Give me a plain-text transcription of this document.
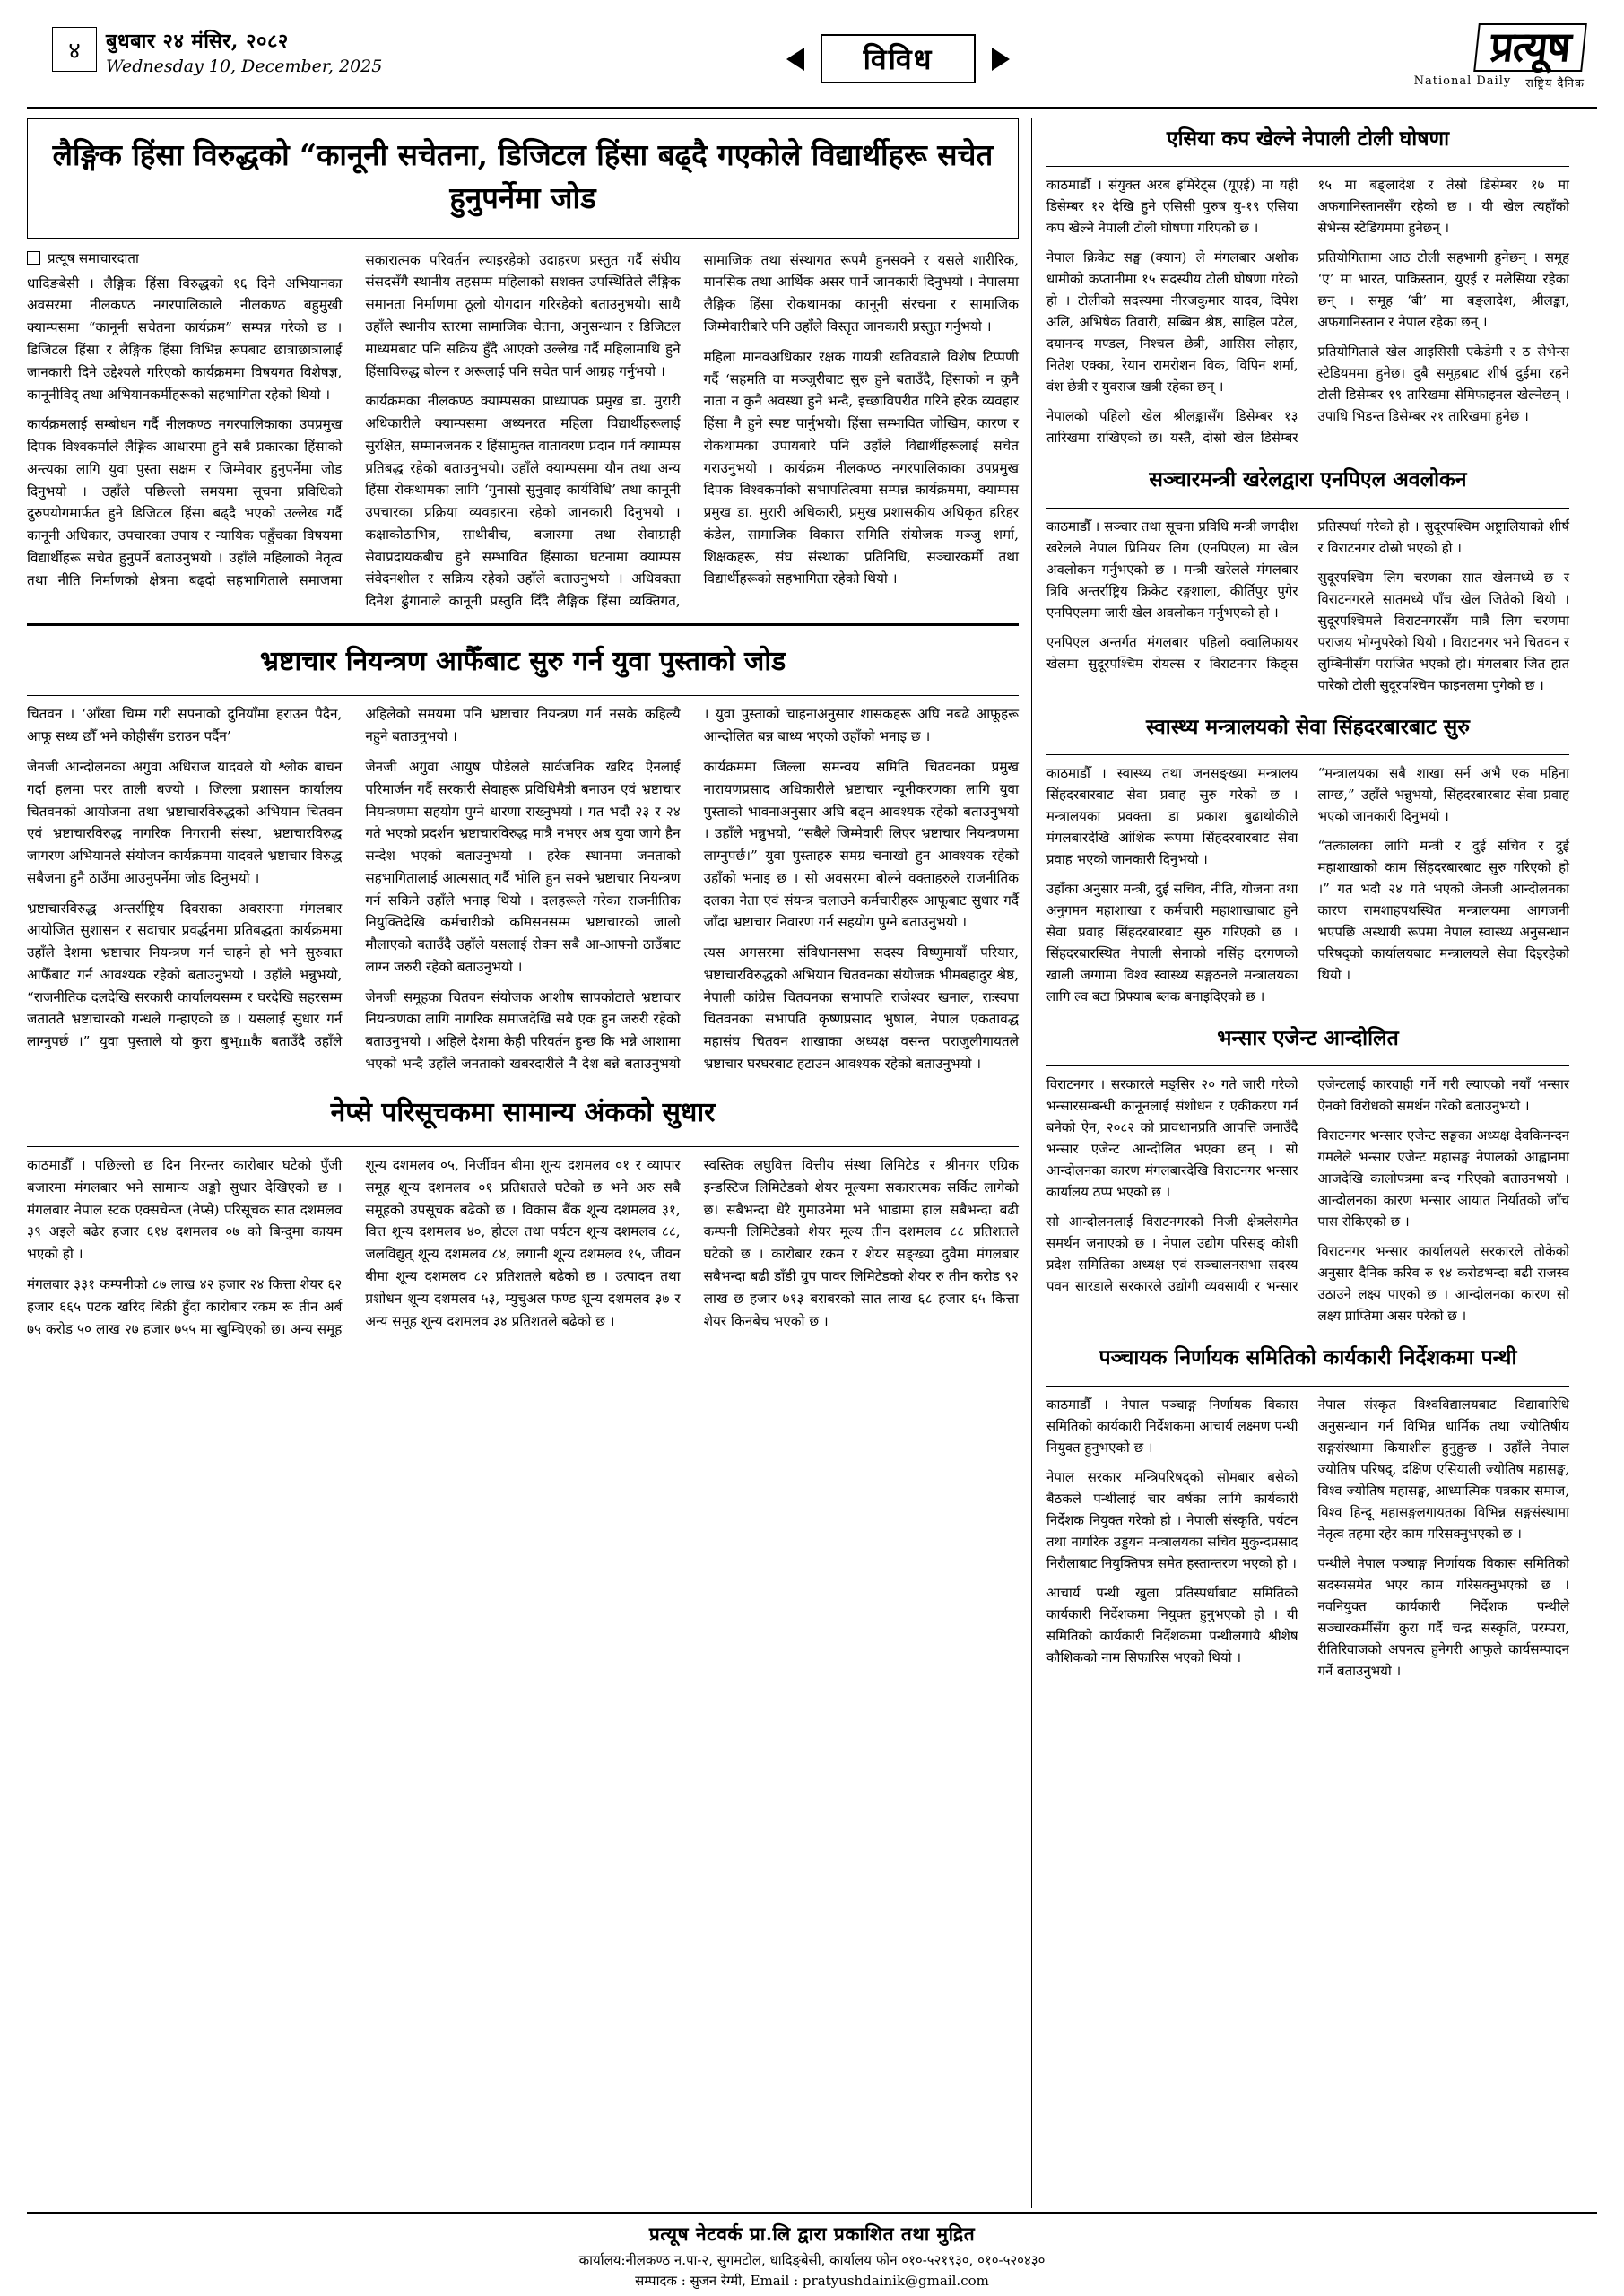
४	बुधबार २४ मंसिर, २०८२
Wednesday 10, December, 2025	विविध	प्रत्यूष
National Daily राष्ट्रिय दैनिक
लैङ्गिक हिंसा विरुद्धको “कानूनी सचेतना, डिजिटल हिंसा बढ्दै गएकोले विद्यार्थीहरू सचेत हुनुपर्नेमा जोड
प्रत्यूष समाचारदाता

धादिङबेसी । लैङ्गिक हिंसा विरुद्धको १६ दिने अभियानका अवसरमा नीलकण्ठ नगरपालिकाले नीलकण्ठ बहुमुखी क्याम्पसमा “कानूनी सचेतना कार्यक्रम” सम्पन्न गरेको छ । डिजिटल हिंसा र लैङ्गिक हिंसा विभिन्न रूपबाट छात्राछात्रालाई जानकारी दिने उद्देश्यले गरिएको कार्यक्रममा विषयगत विशेषज्ञ, कानूनीविद् तथा अभियानकर्मीहरूको सहभागिता रहेको थियो ।

कार्यक्रमलाई सम्बोधन गर्दै नीलकण्ठ नगरपालिकाका उपप्रमुख दिपक विश्वकर्माले लैङ्गिक आधारमा हुने सबै प्रकारका हिंसाको अन्त्यका लागि युवा पुस्ता सक्षम र जिम्मेवार हुनुपर्नेमा जोड दिनुभयो । उहाँले पछिल्लो समयमा सूचना प्रविधिको दुरुपयोगमार्फत हुने डिजिटल हिंसा बढ्दै भएको उल्लेख गर्दै कानूनी अधिकार, उपचारका उपाय र न्यायिक पहुँचका विषयमा विद्यार्थीहरू सचेत हुनुपर्ने बताउनुभयो । उहाँले महिलाको नेतृत्व तथा नीति निर्माणको क्षेत्रमा बढ्दो सहभागिताले समाजमा सकारात्मक परिवर्तन ल्याइरहेको उदाहरण प्रस्तुत गर्दै संघीय संसदसँगै स्थानीय तहसम्म महिलाको सशक्त उपस्थितिले लैङ्गिक समानता निर्माणमा ठूलो योगदान गरिरहेको बताउनुभयो। साथै उहाँले स्थानीय स्तरमा सामाजिक चेतना, अनुसन्धान र डिजिटल माध्यमबाट पनि सक्रिय हुँदै आएको उल्लेख गर्दै महिलामाथि हुने हिंसाविरुद्ध बोल्न र अरूलाई पनि सचेत पार्न आग्रह गर्नुभयो ।

कार्यक्रमका नीलकण्ठ क्याम्पसका प्राध्यापक प्रमुख डा. मुरारी अधिकारीले क्याम्पसमा अध्यनरत महिला विद्यार्थीहरूलाई सुरक्षित, सम्मानजनक र हिंसामुक्त वातावरण प्रदान गर्न क्याम्पस प्रतिबद्ध रहेको बताउनुभयो। उहाँले क्याम्पसमा यौन तथा अन्य हिंसा रोकथामका लागि ‘गुनासो सुनुवाइ कार्यविधि’ तथा कानूनी उपचारका प्रक्रिया व्यवहारमा रहेको जानकारी दिनुभयो । कक्षाकोठाभित्र, साथीबीच, बजारमा तथा सेवाग्राही सेवाप्रदायकबीच हुने सम्भावित हिंसाका घटनामा क्याम्पस संवेदनशील र सक्रिय रहेको उहाँले बताउनुभयो । अधिवक्ता दिनेश ढुंगानाले कानूनी प्रस्तुति दिँदै लैङ्गिक हिंसा व्यक्तिगत, सामाजिक तथा संस्थागत रूपमै हुनसक्ने र यसले शारीरिक, मानसिक तथा आर्थिक असर पार्ने जानकारी दिनुभयो । नेपालमा लैङ्गिक हिंसा रोकथामका कानूनी संरचना र सामाजिक जिम्मेवारीबारे पनि उहाँले विस्तृत जानकारी प्रस्तुत गर्नुभयो ।

महिला मानवअधिकार रक्षक गायत्री खतिवडाले विशेष टिप्पणी गर्दै ‘सहमति वा मञ्जुरीबाट सुरु हुने बताउँदै, हिंसाको न कुनै नाता न कुनै अवस्था हुने भन्दै, इच्छाविपरीत गरिने हरेक व्यवहार हिंसा नै हुने स्पष्ट पार्नुभयो। हिंसा सम्भावित जोखिम, कारण र रोकथामका उपायबारे पनि उहाँले विद्यार्थीहरूलाई सचेत गराउनुभयो । कार्यक्रम नीलकण्ठ नगरपालिकाका उपप्रमुख दिपक विश्वकर्माको सभापतित्वमा सम्पन्न कार्यक्रममा, क्याम्पस प्रमुख डा. मुरारी अधिकारी, प्रमुख प्रशासकीय अधिकृत हरिहर कंडेल, सामाजिक विकास समिति संयोजक मञ्जु शर्मा, शिक्षकहरू, संघ संस्थाका प्रतिनिधि, सञ्चारकर्मी तथा विद्यार्थीहरूको सहभागिता रहेको थियो ।

भ्रष्टाचार नियन्त्रण आफैँबाट सुरु गर्न युवा पुस्ताको जोड

चितवन । ‘आँखा चिम्म गरी सपनाको दुनियाँमा हराउन पैदैन, आफू सध्य छौँ भने कोहीसँग डराउन पर्दैन’

जेनजी आन्दोलनका अगुवा अधिराज यादवले यो श्लोक बाचन गर्दा हलमा परर ताली बज्यो । जिल्ला प्रशासन कार्यालय चितवनको आयोजना तथा भ्रष्टाचारविरुद्धको अभियान चितवन एवं भ्रष्टाचारविरुद्ध नागरिक निगरानी संस्था, भ्रष्टाचारविरुद्ध जागरण अभियानले संयोजन कार्यक्रममा यादवले भ्रष्टाचार विरुद्ध सबैजना हुनै ठाउँमा आउनुपर्नेमा जोड दिनुभयो ।

भ्रष्टाचारविरुद्ध अन्तर्राष्ट्रिय दिवसका अवसरमा मंगलबार आयोजित सुशासन र सदाचार प्रवर्द्धनमा प्रतिबद्धता कार्यक्रममा उहाँले देशमा भ्रष्टाचार नियन्त्रण गर्न चाहने हो भने सुरुवात आफैँबाट गर्न आवश्यक रहेको बताउनुभयो । उहाँले भन्नुभयो, “राजनीतिक दलदेखि सरकारी कार्यालयसम्म र घरदेखि सहरसम्म जताततै भ्रष्टाचारको गन्धले गन्हाएको छ । यसलाई सुधार गर्न लाग्नुपर्छ ।” युवा पुस्ताले यो कुरा बुभ्mकै बताउँदै उहाँले अहिलेको समयमा पनि भ्रष्टाचार नियन्त्रण गर्न नसके कहिल्यै नहुने बताउनुभयो ।

जेनजी अगुवा आयुष पौडेलले सार्वजनिक खरिद ऐनलाई परिमार्जन गर्दै सरकारी सेवाहरू प्रविधिमैत्री बनाउन एवं भ्रष्टाचार नियन्त्रणमा सहयोग पुग्ने धारणा राख्नुभयो । गत भदौ २३ र २४ गते भएको प्रदर्शन भ्रष्टाचारविरुद्ध मात्रै नभएर अब युवा जागे हैन सन्देश भएको बताउनुभयो । हरेक स्थानमा जनताको सहभागितालाई आत्मसात् गर्दै भोलि हुन सक्ने भ्रष्टाचार नियन्त्रण गर्न सकिने उहाँले भनाइ थियो । दलहरूले गरेका राजनीतिक नियुक्तिदेखि कर्मचारीको कमिसनसम्म भ्रष्टाचारको जालो मौलाएको बताउँदै उहाँले यसलाई रोक्न सबै आ-आफ्नो ठाउँबाट लाग्न जरुरी रहेको बताउनुभयो ।

जेनजी समूहका चितवन संयोजक आशीष सापकोटाले भ्रष्टाचार नियन्त्रणका लागि नागरिक समाजदेखि सबै एक हुन जरुरी रहेको बताउनुभयो । अहिले देशमा केही परिवर्तन हुन्छ कि भन्ने आशामा भएको भन्दै उहाँले जनताको खबरदारीले नै देश बन्ने बताउनुभयो । युवा पुस्ताको चाहनाअनुसार शासकहरू अघि नबढे आफूहरू आन्दोलित बन्न बाध्य भएको उहाँको भनाइ छ ।

कार्यक्रममा जिल्ला समन्वय समिति चितवनका प्रमुख नारायणप्रसाद अधिकारीले भ्रष्टाचार न्यूनीकरणका लागि युवा पुस्ताको भावनाअनुसार अघि बढ्न आवश्यक रहेको बताउनुभयो । उहाँले भन्नुभयो, “सबैले जिम्मेवारी लिएर भ्रष्टाचार नियन्त्रणमा लाग्नुपर्छ।” युवा पुस्ताहरु समग्र चनाखो हुन आवश्यक रहेको उहाँको भनाइ छ । सो अवसरमा बोल्ने वक्ताहरुले राजनीतिक दलका नेता एवं संयन्त्र चलाउने कर्मचारीहरू आफूबाट सुधार गर्दै जाँदा भ्रष्टाचार निवारण गर्न सहयोग पुग्ने बताउनुभयो ।

त्यस अगसरमा संविधानसभा सदस्य विष्णुमायाँ परियार, भ्रष्टाचारविरुद्धको अभियान चितवनका संयोजक भीमबहादुर श्रेष्ठ, नेपाली कांग्रेस चितवनका सभापति राजेश्वर खनाल, राःस्वपा चितवनका सभापति कृष्णप्रसाद भुषाल, नेपाल एकतावद्ध महासंघ चितवन शाखाका अध्यक्ष वसन्त पराजुलीगायतले भ्रष्टाचार घरघरबाट हटाउन आवश्यक रहेको बताउनुभयो ।

नेप्से परिसूचकमा सामान्य अंकको सुधार

काठमाडौँ । पछिल्लो छ दिन निरन्तर कारोबार घटेको पुँजी बजारमा मंगलबार भने सामान्य अङ्को सुधार देखिएको छ । मंगलबार नेपाल स्टक एक्सचेन्ज (नेप्से) परिसूचक सात दशमलव ३९ अइले बढेर हजार ६१४ दशमलव ०७ को बिन्दुमा कायम भएको हो ।

मंगलबार ३३१ कम्पनीको ८७ लाख ४२ हजार २४ कित्ता शेयर ६२ हजार ६६५ पटक खरिद बिक्री हुँदा कारोबार रकम रू तीन अर्ब ७५ करोड ५० लाख २७ हजार ७५५ मा खुम्चिएको छ। अन्य समूह शून्य दशमलव ०५, निर्जीवन बीमा शून्य दशमलव ०१ र व्यापार समूह शून्य दशमलव ०१ प्रतिशतले घटेको छ भने अरु सबै समूहको उपसूचक बढेको छ । विकास बैंक शून्य दशमलव ३१, वित्त शून्य दशमलव ४०, होटल तथा पर्यटन शून्य दशमलव ८८, जलविद्युत् शून्य दशमलव ८४, लगानी शून्य दशमलव १५, जीवन बीमा शून्य दशमलव ८२ प्रतिशतले बढेको छ । उत्पादन तथा प्रशोधन शून्य दशमलव ५३, म्युचुअल फण्ड शून्य दशमलव ३७ र अन्य समूह शून्य दशमलव ३४ प्रतिशतले बढेको छ ।

स्वस्तिक लघुवित्त वित्तीय संस्था लिमिटेड र श्रीनगर एग्रिक इन्डस्टिज लिमिटेडको शेयर मूल्यमा सकारात्मक सर्किट लागेको छ। सबैभन्दा धेरै गुमाउनेमा भने भाडामा हाल सबैभन्दा बढी कम्पनी लिमिटेडको शेयर मूल्य तीन दशमलव ८८ प्रतिशतले घटेको छ । कारोबार रकम र शेयर सङ्ख्या दुवैमा मंगलबार सबैभन्दा बढी डाँडी ग्रुप पावर लिमिटेडको शेयर रु तीन करोड ९२ लाख छ हजार ७१३ बराबरको सात लाख ६८ हजार ६५ कित्ता शेयर किनबेच भएको छ ।

एसिया कप खेल्ने नेपाली टोली घोषणा

काठमाडौँ । संयुक्त अरब इमिरेट्स (यूएई) मा यही डिसेम्बर १२ देखि हुने एसिसी पुरुष यु-१९ एसिया कप खेल्ने नेपाली टोली घोषणा गरिएको छ ।

नेपाल क्रिकेट सङ्घ (क्यान) ले मंगलबार अशोक धामीको कप्तानीमा १५ सदस्यीय टोली घोषणा गरेको हो । टोलीको सदस्यमा नीरजकुमार यादव, दिपेश अलि, अभिषेक तिवारी, सब्बिन श्रेष्ठ, साहिल पटेल, दयानन्द मण्डल, निश्चल छेत्री, आसिस लोहार, नितेश एक्का, रेयान रामरोशन विक, विपिन शर्मा, वंश छेत्री र युवराज खत्री रहेका छन् ।

नेपालको पहिलो खेल श्रीलङ्कासँग डिसेम्बर १३ तारिखमा राखिएको छ। यस्तै, दोस्रो खेल डिसेम्बर १५ मा बङ्लादेश र तेस्रो डिसेम्बर १७ मा अफगानिस्तानसँग रहेको छ । यी खेल त्यहाँको सेभेन्स स्टेडियममा हुनेछन् ।

प्रतियोगितामा आठ टोली सहभागी हुनेछन् । समूह ‘ए’ मा भारत, पाकिस्तान, युएई र मलेसिया रहेका छन् । समूह ‘बी’ मा बङ्लादेश, श्रीलङ्का, अफगानिस्तान र नेपाल रहेका छन् ।

प्रतियोगिताले खेल आइसिसी एकेडेमी र ठ सेभेन्स स्टेडियममा हुनेछ। दुबै समूहबाट शीर्ष दुईमा रहने टोली डिसेम्बर १९ तारिखमा सेमिफाइनल खेल्नेछन् । उपाधि भिडन्त डिसेम्बर २१ तारिखमा हुनेछ ।

सञ्चारमन्त्री खरेलद्वारा एनपिएल अवलोकन

काठमाडौँ । सञ्चार तथा सूचना प्रविधि मन्त्री जगदीश खरेलले नेपाल प्रिमियर लिग (एनपिएल) मा खेल अवलोकन गर्नुभएको छ । मन्त्री खरेलले मंगलबार त्रिवि अन्तर्राष्ट्रिय क्रिकेट रङ्गशाला, कीर्तिपुर पुगेर एनपिएलमा जारी खेल अवलोकन गर्नुभएको हो ।

एनपिएल अन्तर्गत मंगलबार पहिलो क्वालिफायर खेलमा सुदूरपश्चिम रोयल्स र विराटनगर किङ्स प्रतिस्पर्धा गरेको हो । सुदूरपश्चिम अष्ट्रालियाको शीर्ष र विराटनगर दोस्रो भएको हो ।

सुदूरपश्चिम लिग चरणका सात खेलमध्ये छ र विराटनगरले सातमध्ये पाँच खेल जितेको थियो । सुदूरपश्चिमले विराटनगरसँग मात्रै लिग चरणमा पराजय भोग्नुपरेको थियो । विराटनगर भने चितवन र लुम्बिनीसँग पराजित भएको हो। मंगलबार जित हात पारेको टोली सुदूरपश्चिम फाइनलमा पुगेको छ ।

स्वास्थ्य मन्त्रालयको सेवा सिंहदरबारबाट सुरु

काठमाडौँ । स्वास्थ्य तथा जनसङ्ख्या मन्त्रालय सिंहदरबारबाट सेवा प्रवाह सुरु गरेको छ । मन्त्रालयका प्रवक्ता डा प्रकाश बुढाथोकीले मंगलबारदेखि आंशिक रूपमा सिंहदरबारबाट सेवा प्रवाह भएको जानकारी दिनुभयो ।

उहाँका अनुसार मन्त्री, दुई सचिव, नीति, योजना तथा अनुगमन महाशाखा र कर्मचारी महाशाखाबाट हुने सेवा प्रवाह सिंहदरबारबाट सुरु गरिएको छ । सिंहदरबारस्थित नेपाली सेनाको नसिंह दरगणको खाली जग्गामा विश्व स्वास्थ्य सङ्गठनले मन्त्रालयका लागि ल्व बटा प्रिफ्याब ब्लक बनाइदिएको छ ।

“मन्त्रालयका सबै शाखा सर्न अभै एक महिना लाग्छ,” उहाँले भन्नुभयो, सिंहदरबारबाट सेवा प्रवाह भएको जानकारी दिनुभयो ।

“तत्कालका लागि मन्त्री र दुई सचिव र दुई महाशाखाको काम सिंहदरबारबाट सुरु गरिएको हो ।” गत भदौ २४ गते भएको जेनजी आन्दोलनका कारण रामशाहपथस्थित मन्त्रालयमा आगजनी भएपछि अस्थायी रूपमा नेपाल स्वास्थ्य अनुसन्धान परिषद्को कार्यालयबाट मन्त्रालयले सेवा दिइरहेको थियो ।

भन्सार एजेन्ट आन्दोलित

विराटनगर । सरकारले मङ्सिर २० गते जारी गरेको भन्सारसम्बन्धी कानूनलाई संशोधन र एकीकरण गर्न बनेको ऐन, २०८२ को प्रावधानप्रति आपत्ति जनाउँदै भन्सार एजेन्ट आन्दोलित भएका छन् । सो आन्दोलनका कारण मंगलबारदेखि विराटनगर भन्सार कार्यालय ठप्प भएको छ ।

सो आन्दोलनलाई विराटनगरको निजी क्षेत्रलेसमेत समर्थन जनाएको छ । नेपाल उद्योग परिसङ् कोशी प्रदेश समितिका अध्यक्ष एवं सञ्चालनसभा सदस्य पवन सारडाले सरकारले उद्योगी व्यवसायी र भन्सार एजेन्टलाई कारवाही गर्ने गरी ल्याएको नयाँ भन्सार ऐनको विरोधको समर्थन गरेको बताउनुभयो ।

विराटनगर भन्सार एजेन्ट सङ्घका अध्यक्ष देवकिनन्दन गमलेले भन्सार एजेन्ट महासङ्घ नेपालको आह्वानमा आजदेखि कालोपत्रमा बन्द गरिएको बताउनभयो । आन्दोलनका कारण भन्सार आयात निर्यातको जाँच पास रोकिएको छ ।

विराटनगर भन्सार कार्यालयले सरकारले तोकेको अनुसार दैनिक करिव रु १४ करोडभन्दा बढी राजस्व उठाउने लक्ष्य पाएको छ । आन्दोलनका कारण सो लक्ष्य प्राप्तिमा असर परेको छ ।

पञ्चायक निर्णायक समितिको कार्यकारी निर्देशकमा पन्थी

काठमाडौँ । नेपाल पञ्चाङ्ग निर्णायक विकास समितिको कार्यकारी निर्देशकमा आचार्य लक्ष्मण पन्थी नियुक्त हुनुभएको छ ।

नेपाल सरकार मन्त्रिपरिषद्को सोमबार बसेको बैठकले पन्थीलाई चार वर्षका लागि कार्यकारी निर्देशक नियुक्त गरेको हो । नेपाली संस्कृति, पर्यटन तथा नागरिक उड्डयन मन्त्रालयका सचिव मुकुन्दप्रसाद निरौलाबाट नियुक्तिपत्र समेत हस्तान्तरण भएको हो ।

आचार्य पन्थी खुला प्रतिस्पर्धाबाट समितिको कार्यकारी निर्देशकमा नियुक्त हुनुभएको हो । यी समितिको कार्यकारी निर्देशकमा पन्थीलगायै श्रीशेष कौशिकको नाम सिफारिस भएको थियो ।

नेपाल संस्कृत विश्वविद्यालयबाट विद्यावारिधि अनुसन्धान गर्न विभिन्न धार्मिक तथा ज्योतिषीय सङ्गसंस्थामा कियाशील हुनुहुन्छ । उहाँले नेपाल ज्योतिष परिषद्, दक्षिण एसियाली ज्योतिष महासङ्घ, विश्व ज्योतिष महासङ्घ, आध्यात्मिक पत्रकार समाज, विश्व हिन्दू महासङ्गलगायतका विभिन्न सङ्गसंस्थामा नेतृत्व तहमा रहेर काम गरिसक्नुभएको छ ।

पन्थीले नेपाल पञ्चाङ्ग निर्णायक विकास समितिको सदस्यसमेत भएर काम गरिसक्नुभएको छ । नवनियुक्त कार्यकारी निर्देशक पन्थीले सञ्चारकर्मीसँग कुरा गर्दै चन्द्र संस्कृति, परम्परा, रीतिरिवाजको अपनत्व हुनेगरी आफुले कार्यसम्पादन गर्ने बताउनुभयो ।

प्रत्यूष नेटवर्क प्रा.लि द्वारा प्रकाशित तथा मुद्रित
कार्यालय:नीलकण्ठ न.पा-२, सुगमटोल, धादिङ्बेसी, कार्यालय फोन ०१०-५२१९३०, ०१०-५२०४३०
सम्पादक : सुजन रेग्मी, Email : pratyushdainik@gmail.com
